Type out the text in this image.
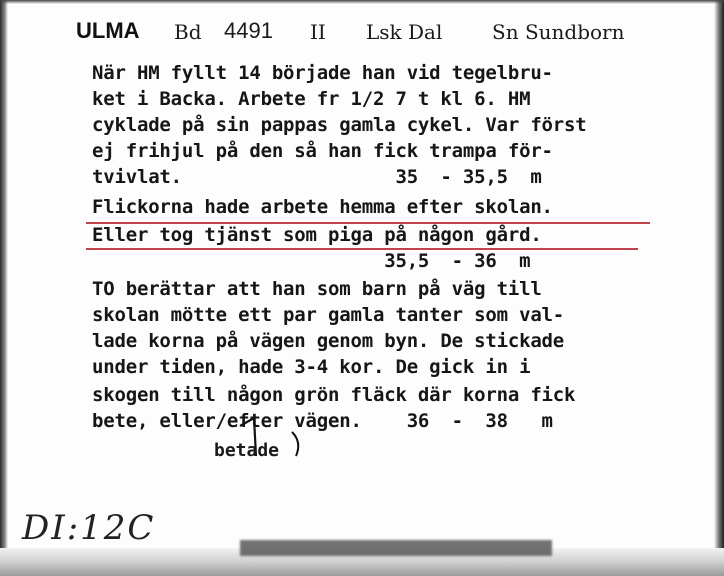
ULMA Bd 4491 II Lsk Dal Sn Sundborn
När HM fyllt 14 började han vid tegelbru-
ket i Backa. Arbete fr 1/2 7 t kl 6. HM
cyklade på sin pappas gamla cykel. Var först
ej frihjul på den så han fick trampa för-
tvivlat.                   35  - 35,5  m
Flickorna hade arbete hemma efter skolan.
Eller tog tjänst som piga på någon gård.
35,5  - 36  m
TO berättar att han som barn på väg till
skolan mötte ett par gamla tanter som val-
lade korna på vägen genom byn. De stickade
under tiden, hade 3-4 kor. De gick in i
skogen till någon grön fläck där korna fick
bete, eller/efter vägen.    36  -  38   m
betade
DI:12C
